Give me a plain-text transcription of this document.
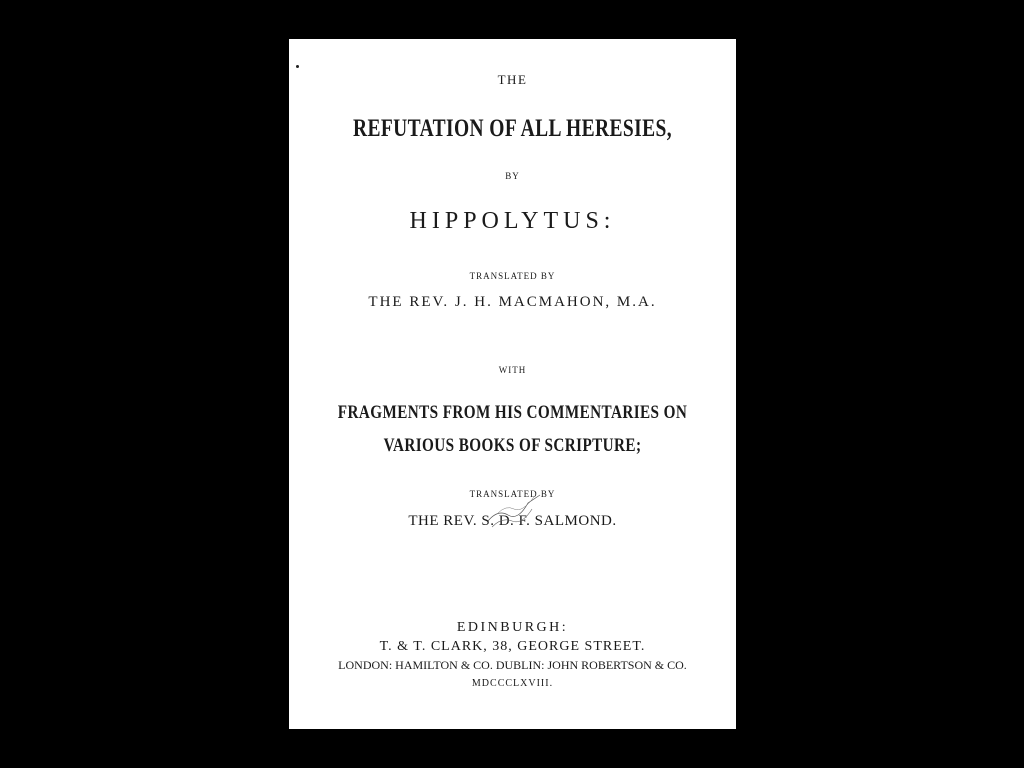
THE
REFUTATION OF ALL HERESIES,
BY
HIPPOLYTUS:
TRANSLATED BY
THE REV. J. H. MACMAHON, M.A.
WITH
FRAGMENTS FROM HIS COMMENTARIES ON
VARIOUS BOOKS OF SCRIPTURE;
TRANSLATED BY
THE REV. S. D. F. SALMOND.
EDINBURGH:
T. & T. CLARK, 38, GEORGE STREET.
LONDON: HAMILTON & CO. DUBLIN: JOHN ROBERTSON & CO.
MDCCCLXVIII.
